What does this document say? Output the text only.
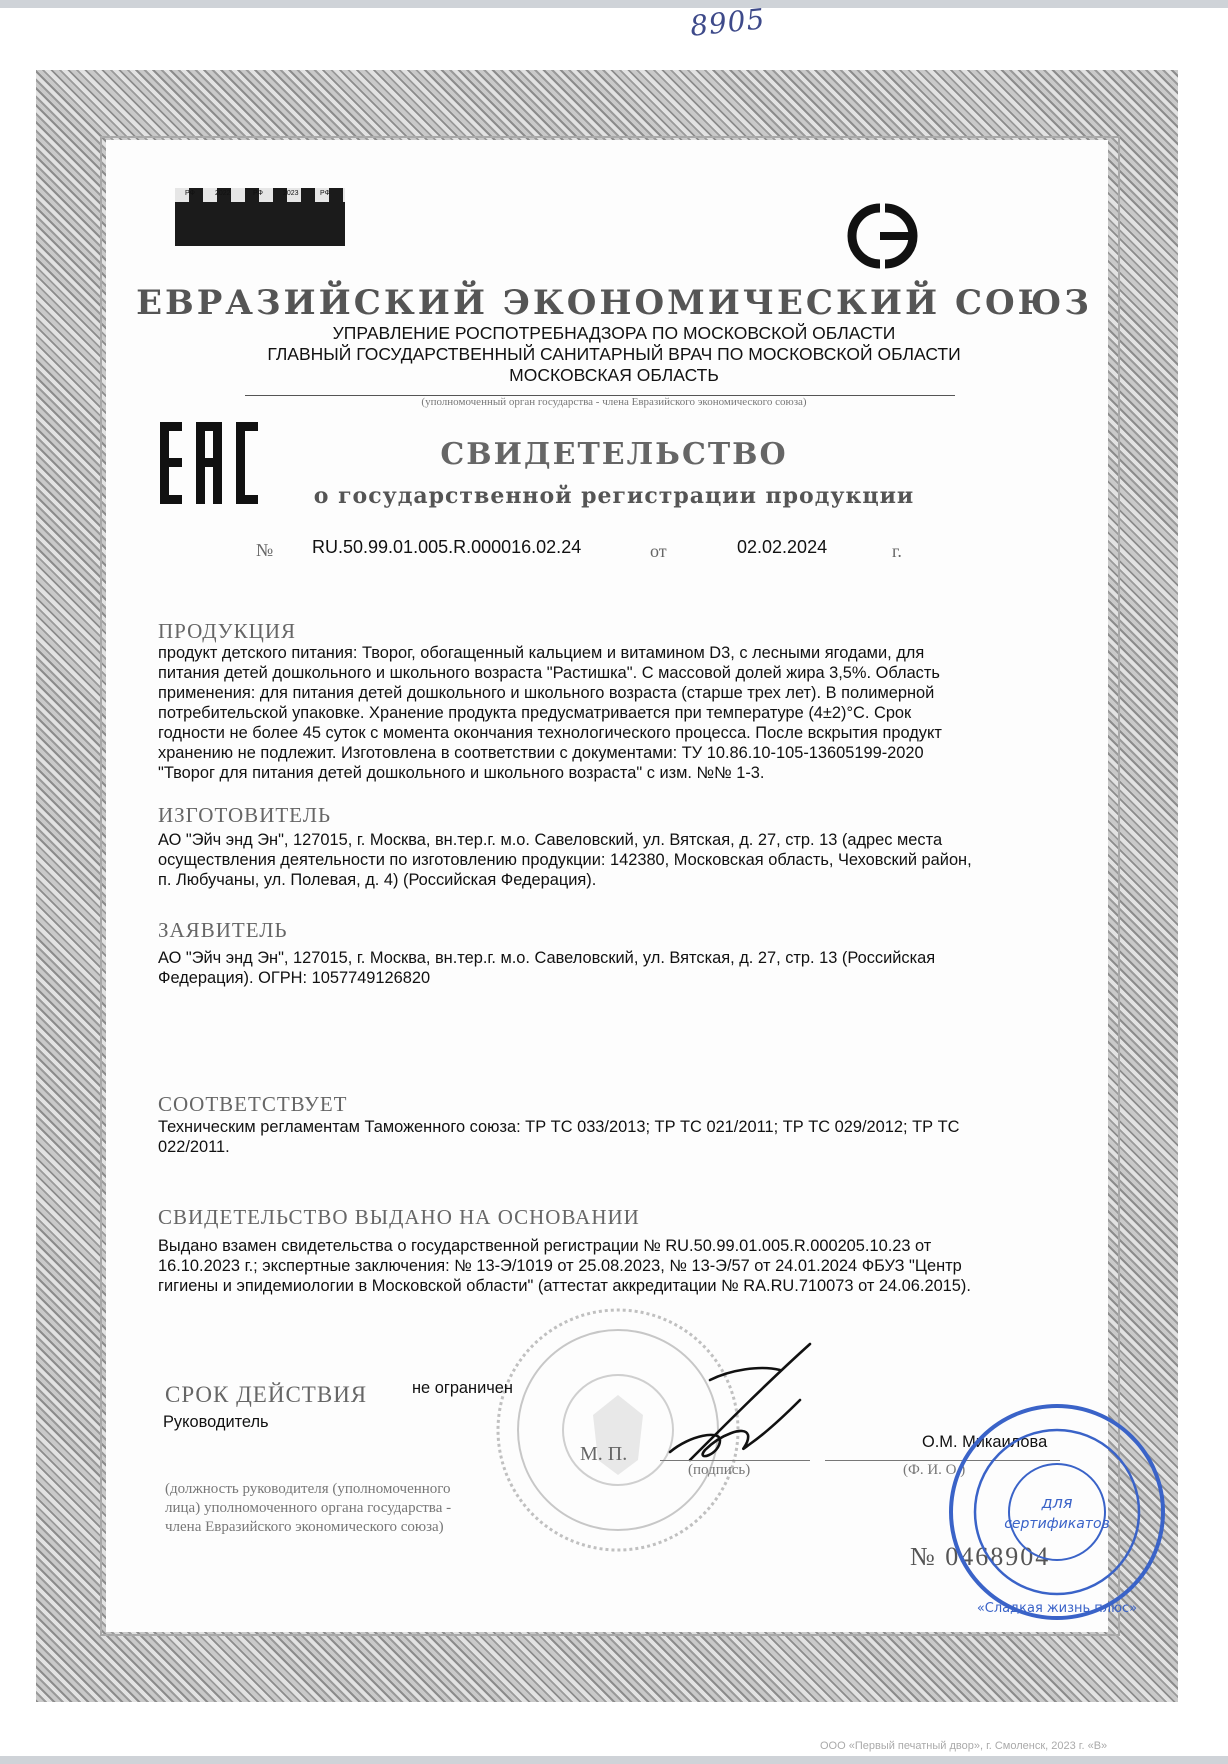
8905
РФ	2022	РФ	2023	РФ
ЕВРАЗИЙСКИЙ ЭКОНОМИЧЕСКИЙ СОЮЗ
УПРАВЛЕНИЕ РОСПОТРЕБНАДЗОРА ПО МОСКОВСКОЙ ОБЛАСТИ
ГЛАВНЫЙ ГОСУДАРСТВЕННЫЙ САНИТАРНЫЙ ВРАЧ ПО МОСКОВСКОЙ ОБЛАСТИ
МОСКОВСКАЯ ОБЛАСТЬ
(уполномоченный орган государства - члена Евразийского экономического союза)
СВИДЕТЕЛЬСТВО
о государственной регистрации продукции
№ RU.50.99.01.005.R.000016.02.24	от	02.02.2024	г.
ПРОДУКЦИЯ
продукт детского питания: Творог, обогащенный кальцием и витамином D3, с лесными ягодами, для
питания детей дошкольного и школьного возраста "Растишка". С массовой долей жира 3,5%. Область
применения: для питания детей дошкольного и школьного возраста (старше трех лет). В полимерной
потребительской упаковке. Хранение продукта предусматривается при температуре (4±2)°С. Срок
годности не более 45 суток с момента окончания технологического процесса. После вскрытия продукт
хранению не подлежит. Изготовлена в соответствии с документами: ТУ 10.86.10-105-13605199-2020
"Творог для питания детей дошкольного и школьного возраста" с изм. №№ 1-3.
ИЗГОТОВИТЕЛЬ
АО "Эйч энд Эн", 127015, г. Москва, вн.тер.г. м.о. Савеловский, ул. Вятская, д. 27, стр. 13 (адрес места
осуществления деятельности по изготовлению продукции: 142380, Московская область, Чеховский район,
п. Любучаны, ул. Полевая, д. 4) (Российская Федерация).
ЗАЯВИТЕЛЬ
АО "Эйч энд Эн", 127015, г. Москва, вн.тер.г. м.о. Савеловский, ул. Вятская, д. 27, стр. 13 (Российская
Федерация). ОГРН: 1057749126820
СООТВЕТСТВУЕТ
Техническим регламентам Таможенного союза: ТР ТС 033/2013; ТР ТС 021/2011; ТР ТС 029/2012; ТР ТС
022/2011.
СВИДЕТЕЛЬСТВО ВЫДАНО НА ОСНОВАНИИ
Выдано взамен свидетельства о государственной регистрации № RU.50.99.01.005.R.000205.10.23 от
16.10.2023 г.; экспертные заключения: № 13-Э/1019 от 25.08.2023, № 13-Э/57 от 24.01.2024 ФБУЗ "Центр
гигиены и эпидемиологии в Московской области" (аттестат аккредитации № RA.RU.710073 от 24.06.2015).
СРОК ДЕЙСТВИЯ	не ограничен
Руководитель
О.М. Микаилова
М. П.
(подпись)	(Ф. И. О.)
(должность руководителя (уполномоченного
лица) уполномоченного органа государства -
члена Евразийского экономического союза)
№ 0468904
для
сертификатов
«Сладкая жизнь плюс»
ООО «Первый печатный двор», г. Смоленск, 2023 г. «В»
